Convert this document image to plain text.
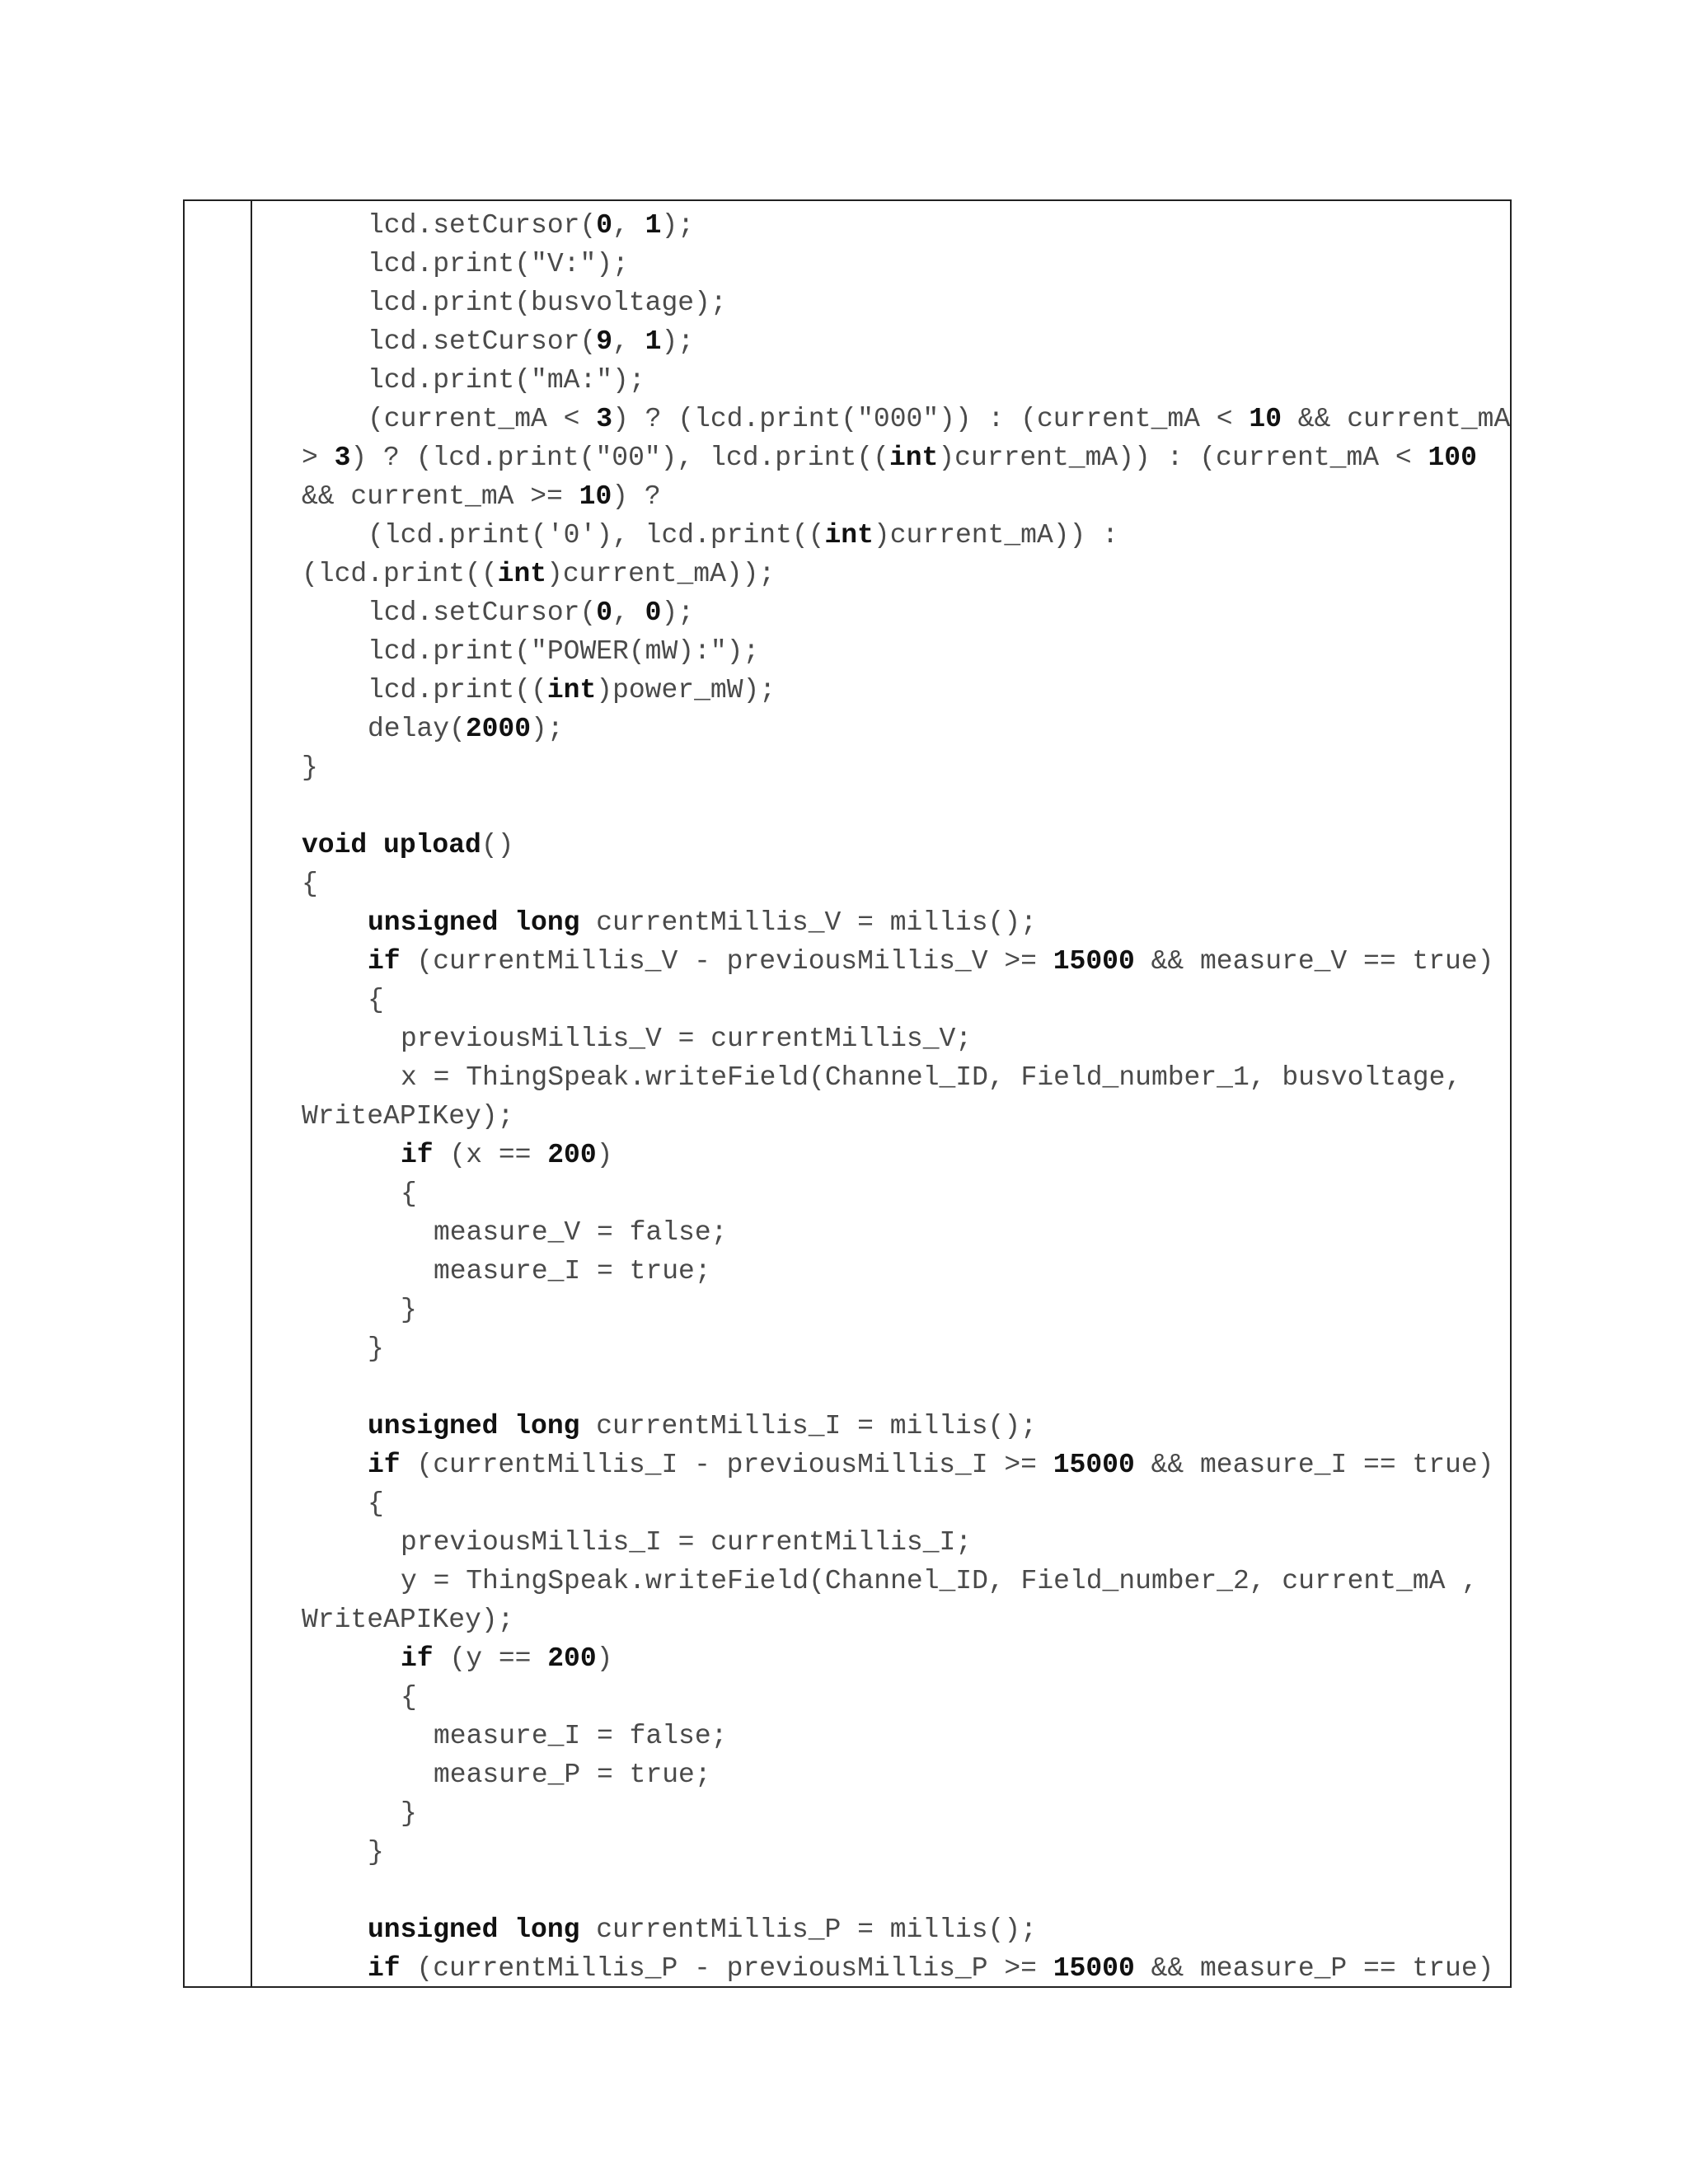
lcd.setCursor(0, 1);
lcd.print("V:");
lcd.print(busvoltage);
lcd.setCursor(9, 1);
lcd.print("mA:");
(current_mA < 3) ? (lcd.print("000")) : (current_mA < 10 && current_mA
> 3) ? (lcd.print("00"), lcd.print((int)current_mA)) : (current_mA < 100
&& current_mA >= 10) ?
(lcd.print('0'), lcd.print((int)current_mA)) :
(lcd.print((int)current_mA));
lcd.setCursor(0, 0);
lcd.print("POWER(mW):");
lcd.print((int)power_mW);
delay(2000);
}
void upload()
{
unsigned long currentMillis_V = millis();
if (currentMillis_V - previousMillis_V >= 15000 && measure_V == true)
{
previousMillis_V = currentMillis_V;
x = ThingSpeak.writeField(Channel_ID, Field_number_1, busvoltage,
WriteAPIKey);
if (x == 200)
{
measure_V = false;
measure_I = true;
}
}
unsigned long currentMillis_I = millis();
if (currentMillis_I - previousMillis_I >= 15000 && measure_I == true)
{
previousMillis_I = currentMillis_I;
y = ThingSpeak.writeField(Channel_ID, Field_number_2, current_mA ,
WriteAPIKey);
if (y == 200)
{
measure_I = false;
measure_P = true;
}
}
unsigned long currentMillis_P = millis();
if (currentMillis_P - previousMillis_P >= 15000 && measure_P == true)
